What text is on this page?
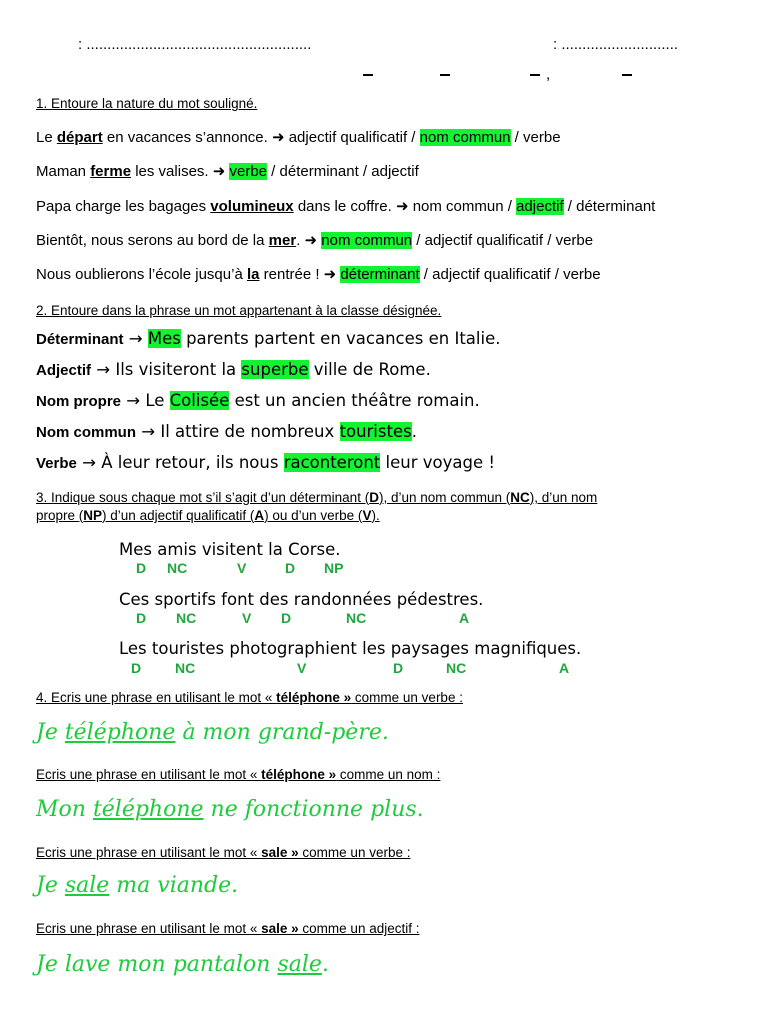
: ......................................................	: ............................
,
1. Entoure la nature du mot souligné.
Le départ en vacances s’annonce. ➜ adjectif qualificatif / nom commun / verbe
Maman ferme les valises. ➜ verbe / déterminant / adjectif
Papa charge les bagages volumineux dans le coffre. ➜ nom commun / adjectif / déterminant
Bientôt, nous serons au bord de la mer. ➜ nom commun / adjectif qualificatif / verbe
Nous oublierons l’école jusqu’à la rentrée ! ➜ déterminant / adjectif qualificatif / verbe
2. Entoure dans la phrase un mot appartenant à la classe désignée.
Déterminant → Mes parents partent en vacances en Italie.
Adjectif → Ils visiteront la superbe ville de Rome.
Nom propre → Le Colisée est un ancien théâtre romain.
Nom commun → Il attire de nombreux touristes.
Verbe → À leur retour, ils nous raconteront leur voyage !
3. Indique sous chaque mot s’il s’agit d’un déterminant (D), d’un nom commun (NC), d’un nom
propre (NP) d’un adjectif qualificatif (A) ou d’un verbe (V).
Mes amis visitent la Corse.
D NC	V	D NP
Ces sportifs font des randonnées pédestres.
D NC	V D	NC	A
Les touristes photographient les paysages magnifiques.
D NC	V	D	NC	A
4. Ecris une phrase en utilisant le mot « téléphone » comme un verbe :
Je téléphone à mon grand-père.
Ecris une phrase en utilisant le mot « téléphone » comme un nom :
Mon téléphone ne fonctionne plus.
Ecris une phrase en utilisant le mot « sale » comme un verbe :
Je sale ma viande.
Ecris une phrase en utilisant le mot « sale » comme un adjectif :
Je lave mon pantalon sale.
